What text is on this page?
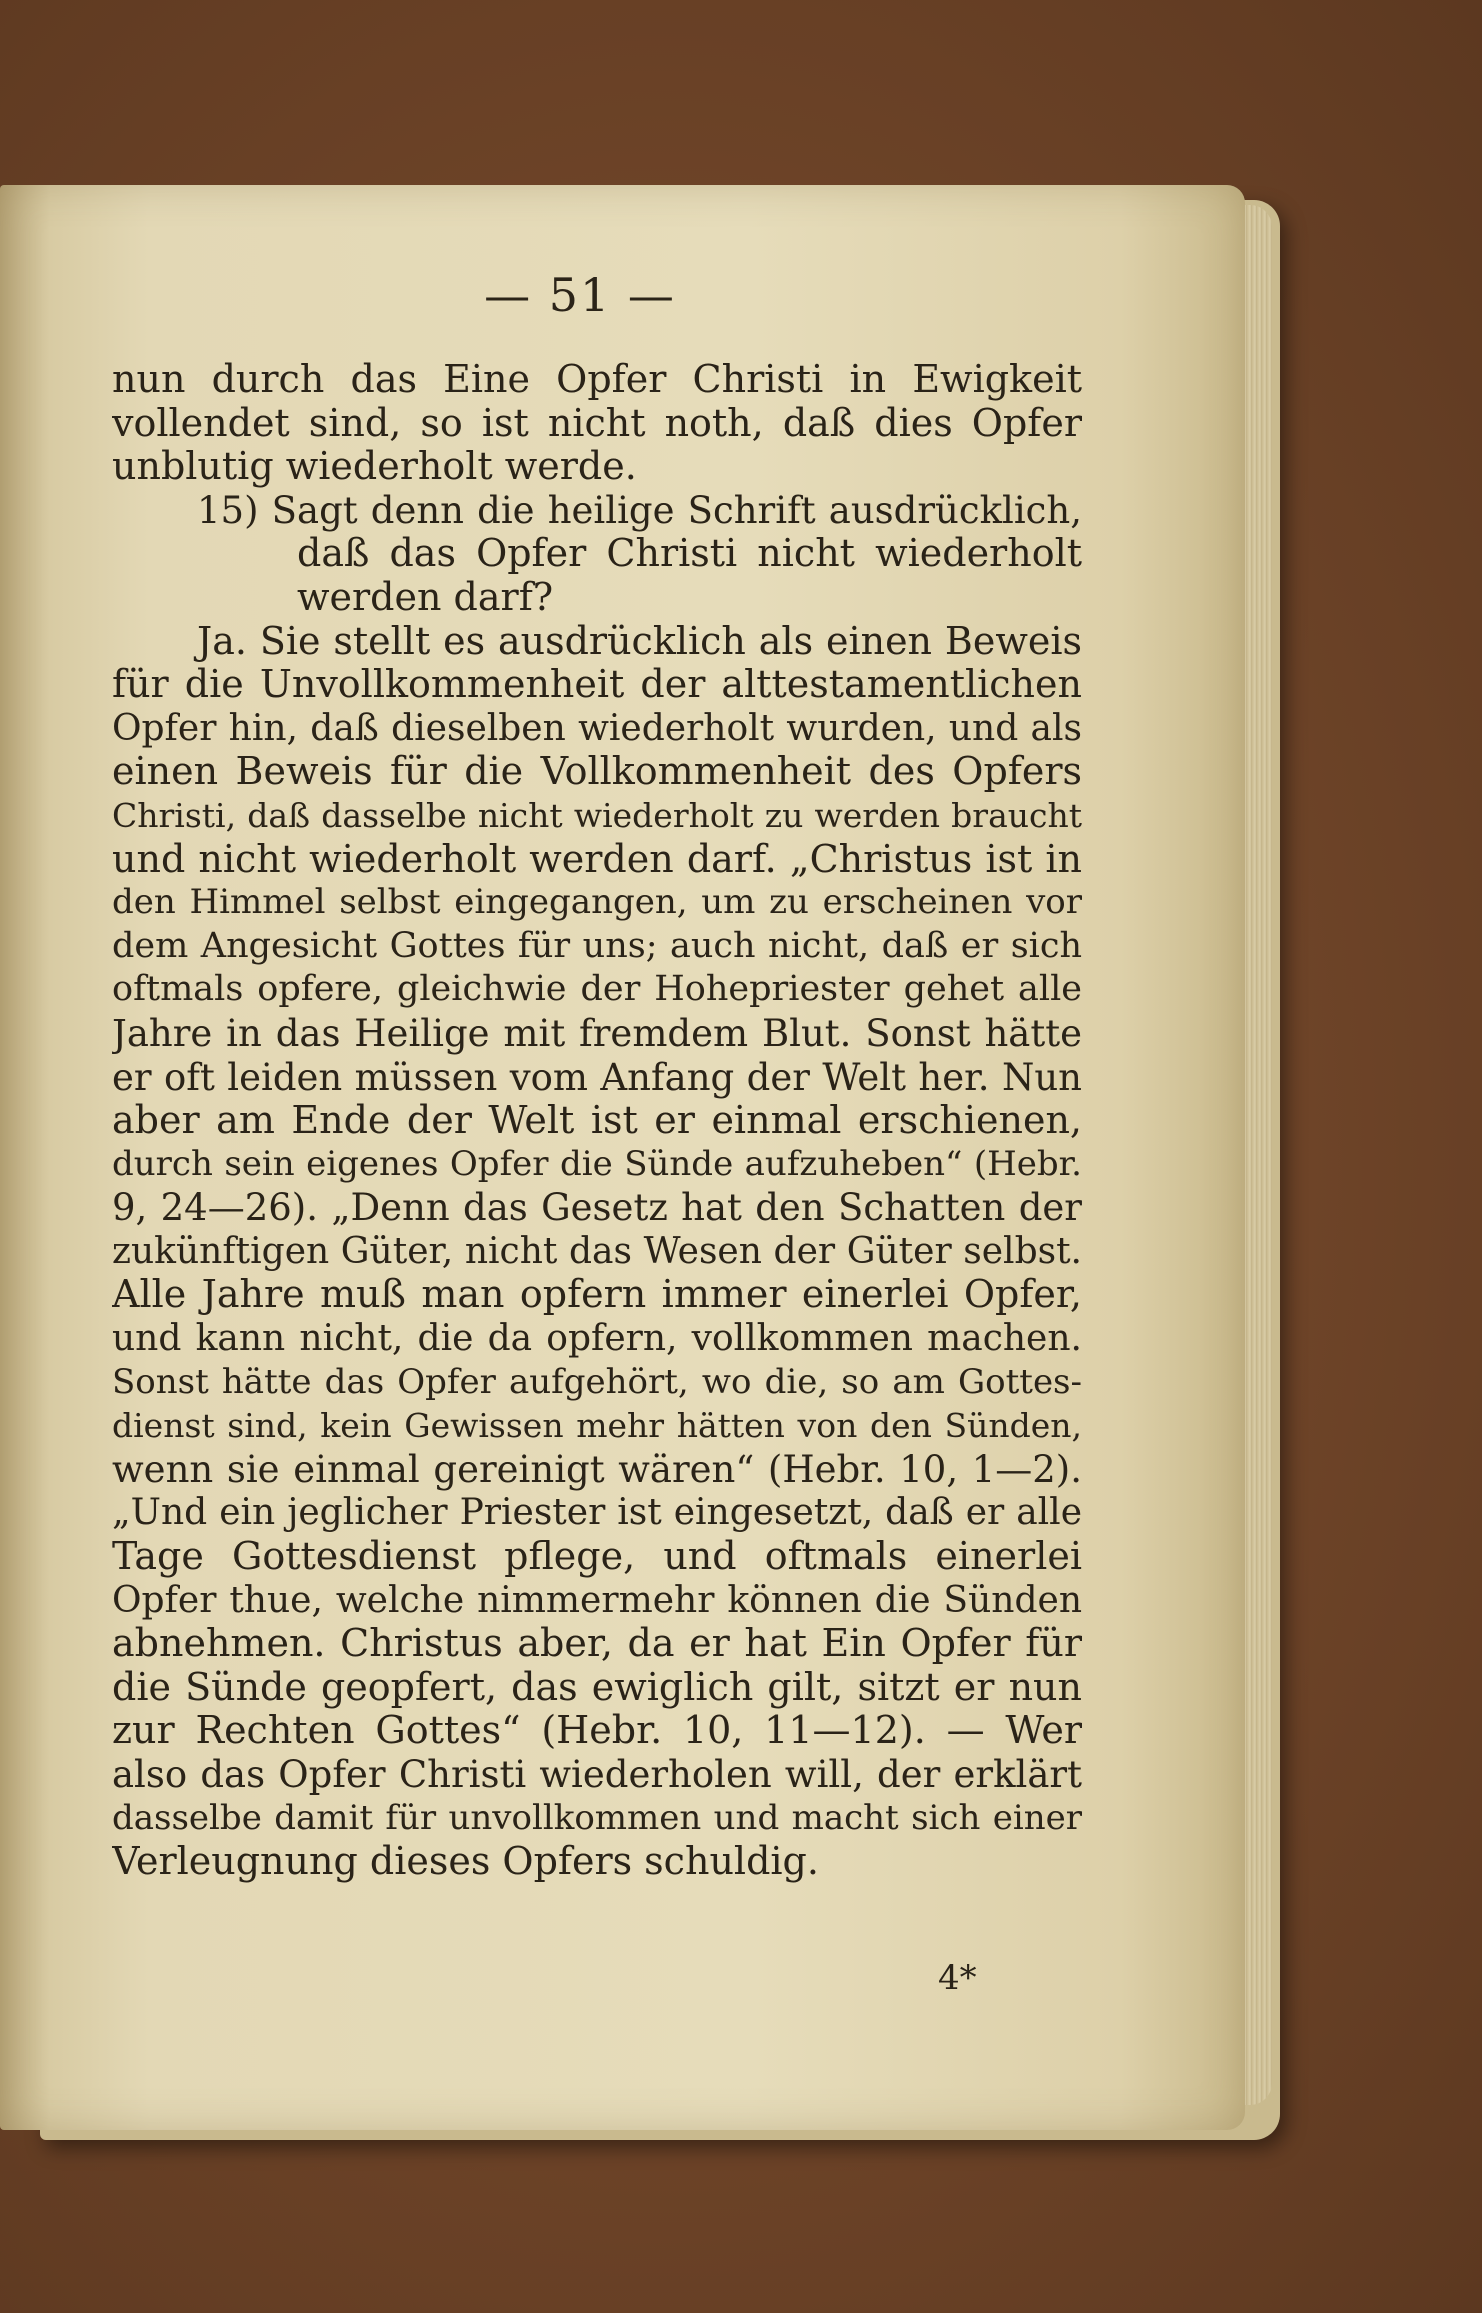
— 51 —
nun durch das Eine Opfer Christi in Ewigkeit
vollendet sind, so ist nicht noth, daß dies Opfer
unblutig wiederholt werde.
15) Sagt denn die heilige Schrift ausdrücklich,
daß das Opfer Christi nicht wiederholt
werden darf?
Ja. Sie stellt es ausdrücklich als einen Beweis
für die Unvollkommenheit der alttestamentlichen
Opfer hin, daß dieselben wiederholt wurden, und als
einen Beweis für die Vollkommenheit des Opfers
Christi, daß dasselbe nicht wiederholt zu werden braucht
und nicht wiederholt werden darf. „Christus ist in
den Himmel selbst eingegangen, um zu erscheinen vor
dem Angesicht Gottes für uns; auch nicht, daß er sich
oftmals opfere, gleichwie der Hohepriester gehet alle
Jahre in das Heilige mit fremdem Blut. Sonst hätte
er oft leiden müssen vom Anfang der Welt her. Nun
aber am Ende der Welt ist er einmal erschienen,
durch sein eigenes Opfer die Sünde aufzuheben“ (Hebr.
9, 24—26). „Denn das Gesetz hat den Schatten der
zukünftigen Güter, nicht das Wesen der Güter selbst.
Alle Jahre muß man opfern immer einerlei Opfer,
und kann nicht, die da opfern, vollkommen machen.
Sonst hätte das Opfer aufgehört, wo die, so am Gottes-
dienst sind, kein Gewissen mehr hätten von den Sünden,
wenn sie einmal gereinigt wären“ (Hebr. 10, 1—2).
„Und ein jeglicher Priester ist eingesetzt, daß er alle
Tage Gottesdienst pflege, und oftmals einerlei
Opfer thue, welche nimmermehr können die Sünden
abnehmen. Christus aber, da er hat Ein Opfer für
die Sünde geopfert, das ewiglich gilt, sitzt er nun
zur Rechten Gottes“ (Hebr. 10, 11—12). — Wer
also das Opfer Christi wiederholen will, der erklärt
dasselbe damit für unvollkommen und macht sich einer
Verleugnung dieses Opfers schuldig.
4*
